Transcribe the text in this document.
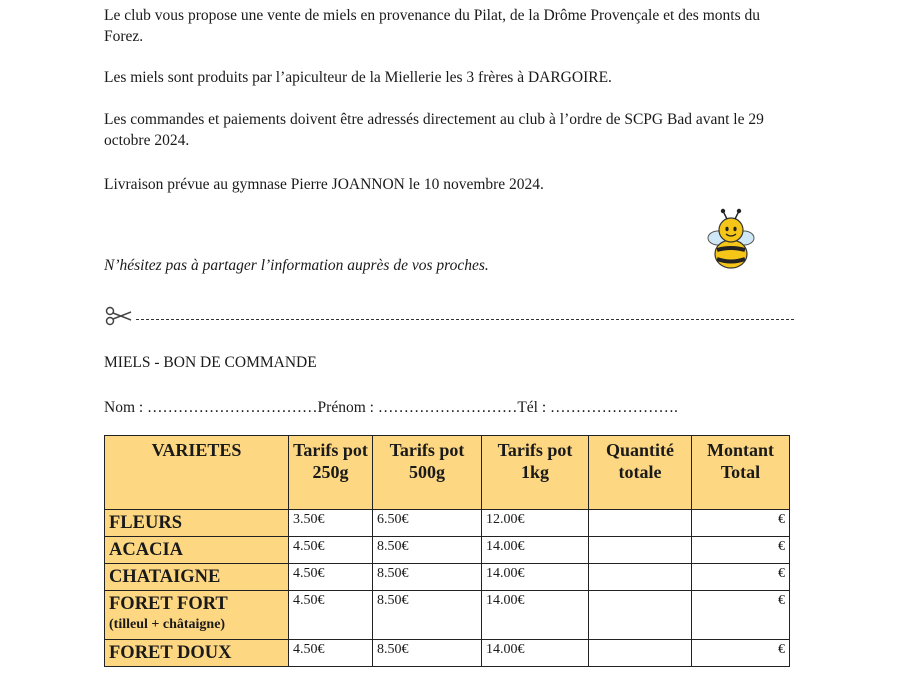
Le club vous propose une vente de miels en provenance du Pilat, de la Drôme Provençale et des monts du Forez.

Les miels sont produits par l’apiculteur de la Miellerie les 3 frères à DARGOIRE.

Les commandes et paiements doivent être adressés directement au club à l’ordre de SCPG Bad avant le 29 octobre 2024.

Livraison prévue au gymnase Pierre JOANNON le 10 novembre 2024.

N’hésitez pas à partager l’information auprès de vos proches.

MIELS - BON DE COMMANDE

Nom : ……………………………Prénom : ………………………Tél : …………………….

VARIETES	Tarifs pot 250g	Tarifs pot 500g	Tarifs pot 1kg	Quantité totale	Montant Total
FLEURS	3.50€	6.50€	12.00€		€
ACACIA	4.50€	8.50€	14.00€		€
CHATAIGNE	4.50€	8.50€	14.00€		€
FORET FORT
(tilleul + châtaigne)	4.50€	8.50€	14.00€		€
FORET DOUX	4.50€	8.50€	14.00€		€
